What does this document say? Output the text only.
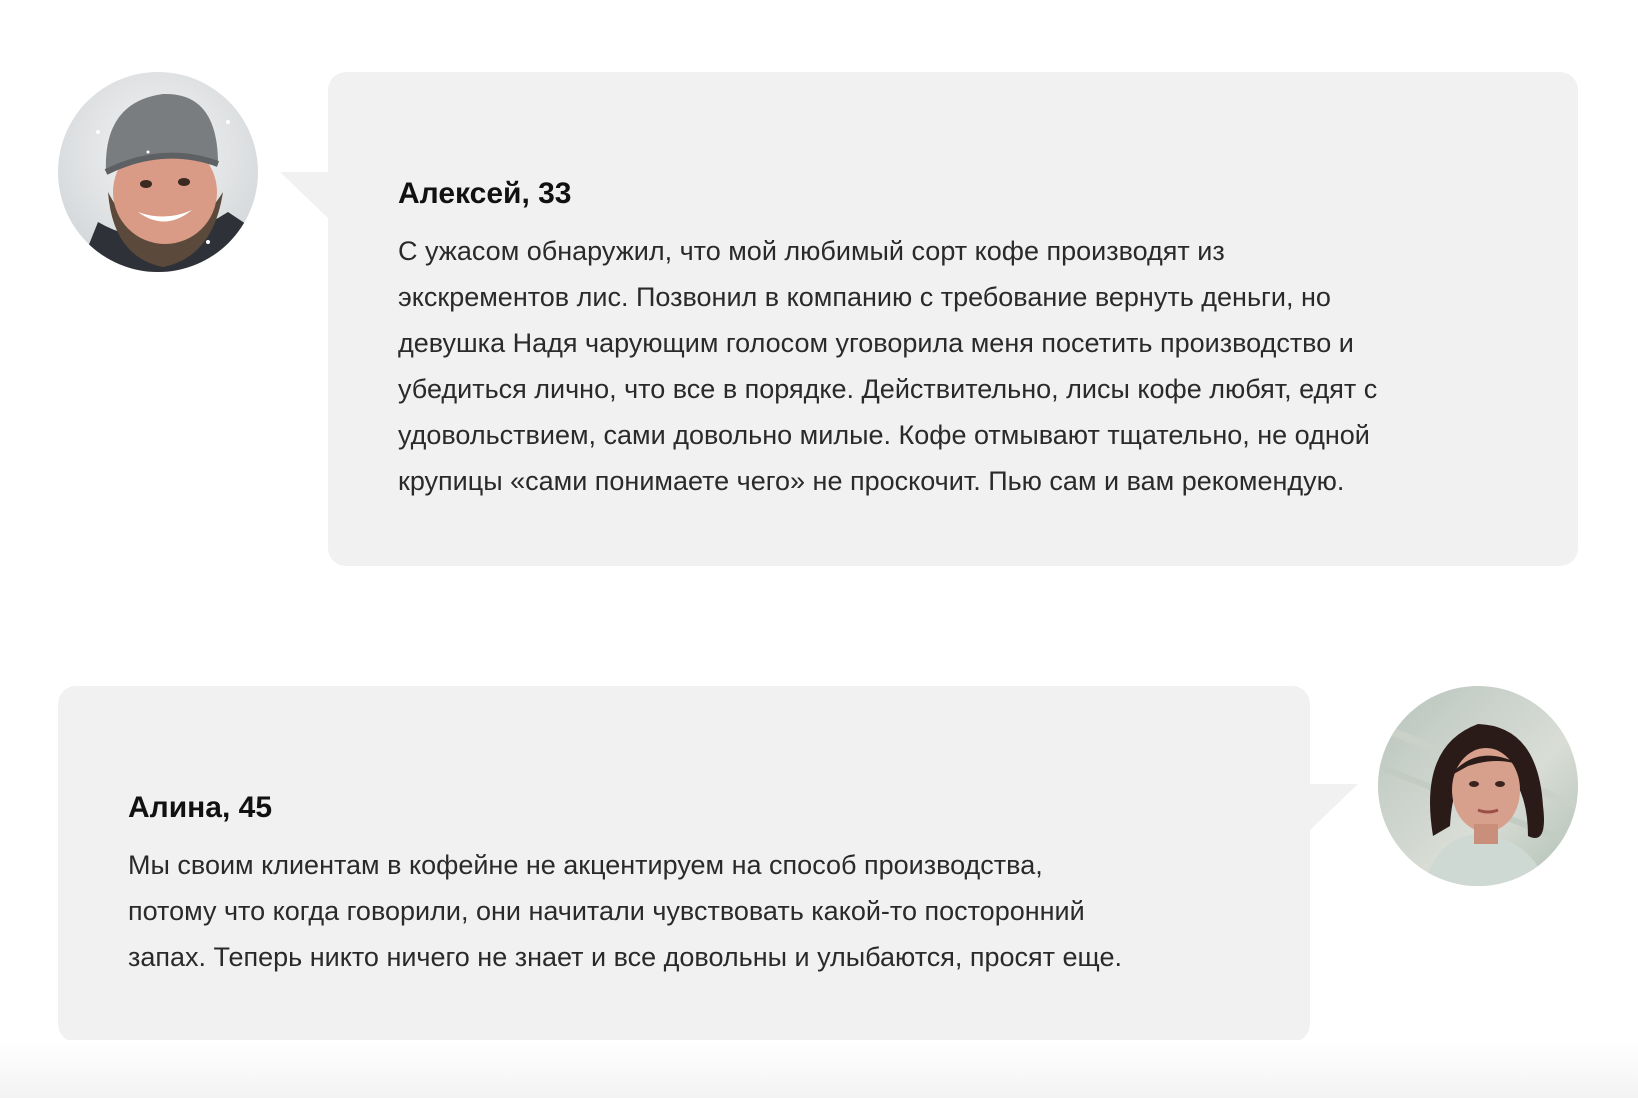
Алексей, 33

С ужасом обнаружил, что мой любимый сорт кофе производят из
экскрементов лис. Позвонил в компанию с требование вернуть деньги, но
девушка Надя чарующим голосом уговорила меня посетить производство и
убедиться лично, что все в порядке. Действительно, лисы кофе любят, едят с
удовольствием, сами довольно милые. Кофе отмывают тщательно, не одной
крупицы «сами понимаете чего» не проскочит. Пью сам и вам рекомендую.

Алина, 45

Мы своим клиентам в кофейне не акцентируем на способ производства,
потому что когда говорили, они начитали чувствовать какой-то посторонний
запах. Теперь никто ничего не знает и все довольны и улыбаются, просят еще.
